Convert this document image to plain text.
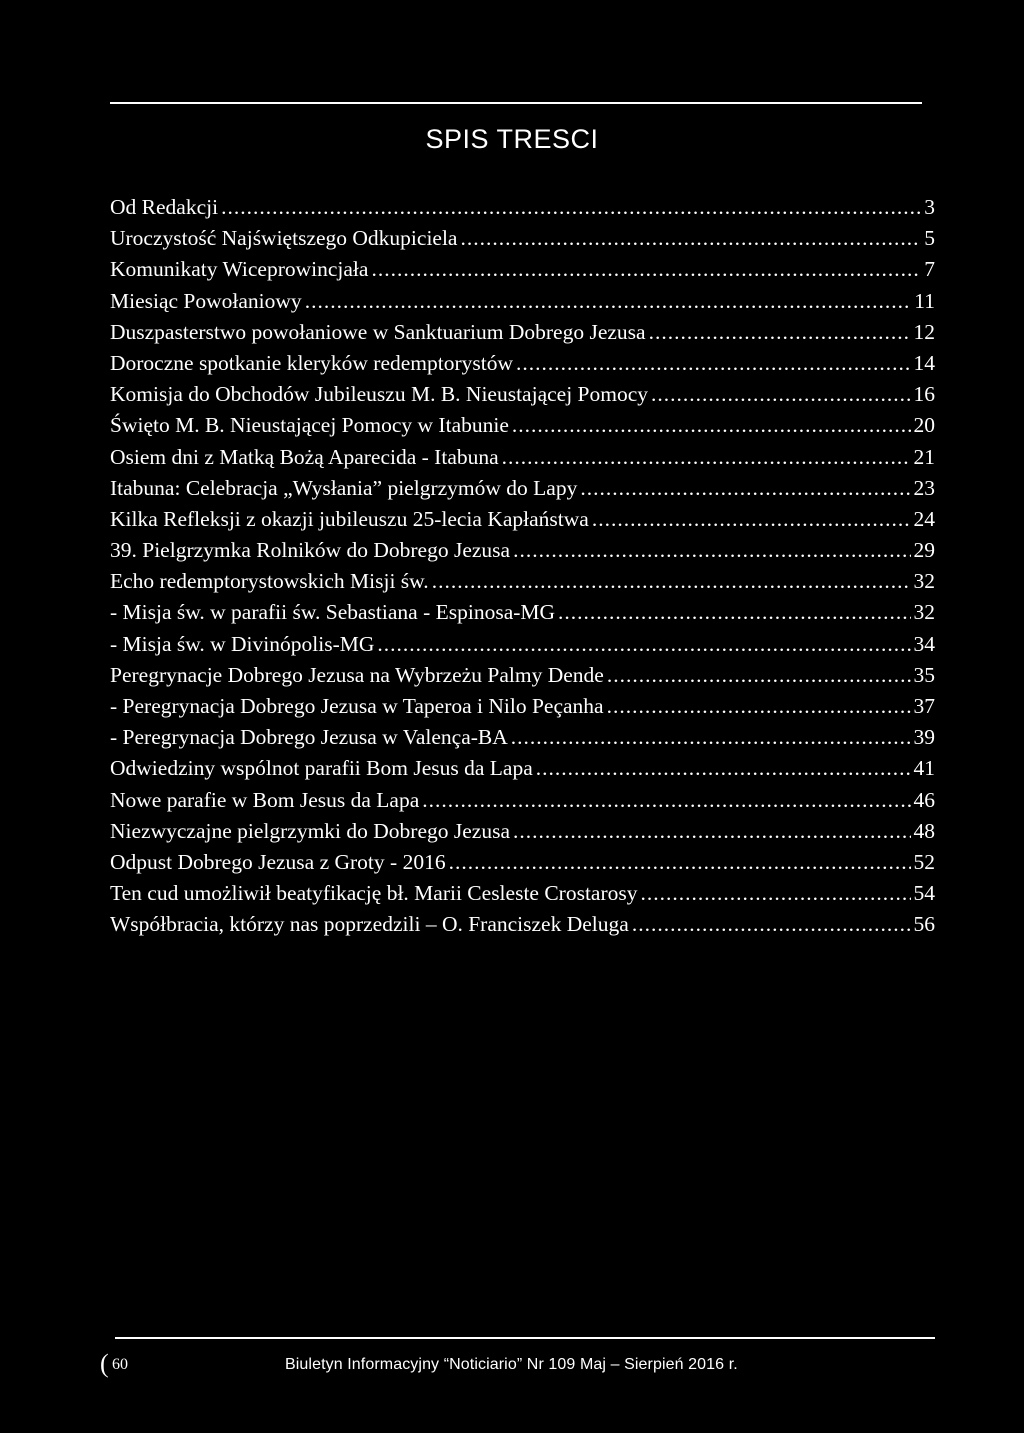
SPIS TRESCI
Od Redakcji .....	3
Uroczystość Najświętszego Odkupiciela .....	5
Komunikaty Wiceprowincjała .....	7
Miesiąc Powołaniowy .....	11
Duszpasterstwo powołaniowe w Sanktuarium Dobrego Jezusa .....	12
Doroczne spotkanie kleryków redemptorystów .....	14
Komisja do Obchodów Jubileuszu M. B. Nieustającej Pomocy .....	16
Święto M. B. Nieustającej Pomocy w Itabunie .....	20
Osiem dni z Matką Bożą Aparecida - Itabuna .....	21
Itabuna: Celebracja „Wysłania” pielgrzymów do Lapy .....	23
Kilka Refleksji z okazji jubileuszu 25-lecia Kapłaństwa .....	24
39. Pielgrzymka Rolników do Dobrego Jezusa .....	29
Echo redemptorystowskich Misji św. .....	32
- Misja św. w parafii św. Sebastiana - Espinosa-MG .....	32
- Misja św. w Divinópolis-MG .....	34
Peregrynacje Dobrego Jezusa na Wybrzeżu Palmy Dende .....	35
- Peregrynacja Dobrego Jezusa w Taperoa i Nilo Peçanha .....	37
- Peregrynacja Dobrego Jezusa w Valença-BA .....	39
Odwiedziny wspólnot parafii Bom Jesus da Lapa .....	41
Nowe parafie w Bom Jesus da Lapa .....	46
Niezwyczajne pielgrzymki do Dobrego Jezusa .....	48
Odpust Dobrego Jezusa z Groty - 2016 .....	52
Ten cud umożliwił beatyfikację bł. Marii Cesleste Crostarosy .....	54
Współbracia, którzy nas poprzedzili – O. Franciszek Deluga .....	56
( 60	Biuletyn Informacyjny “Noticiario” Nr 109 Maj – Sierpień 2016 r.
